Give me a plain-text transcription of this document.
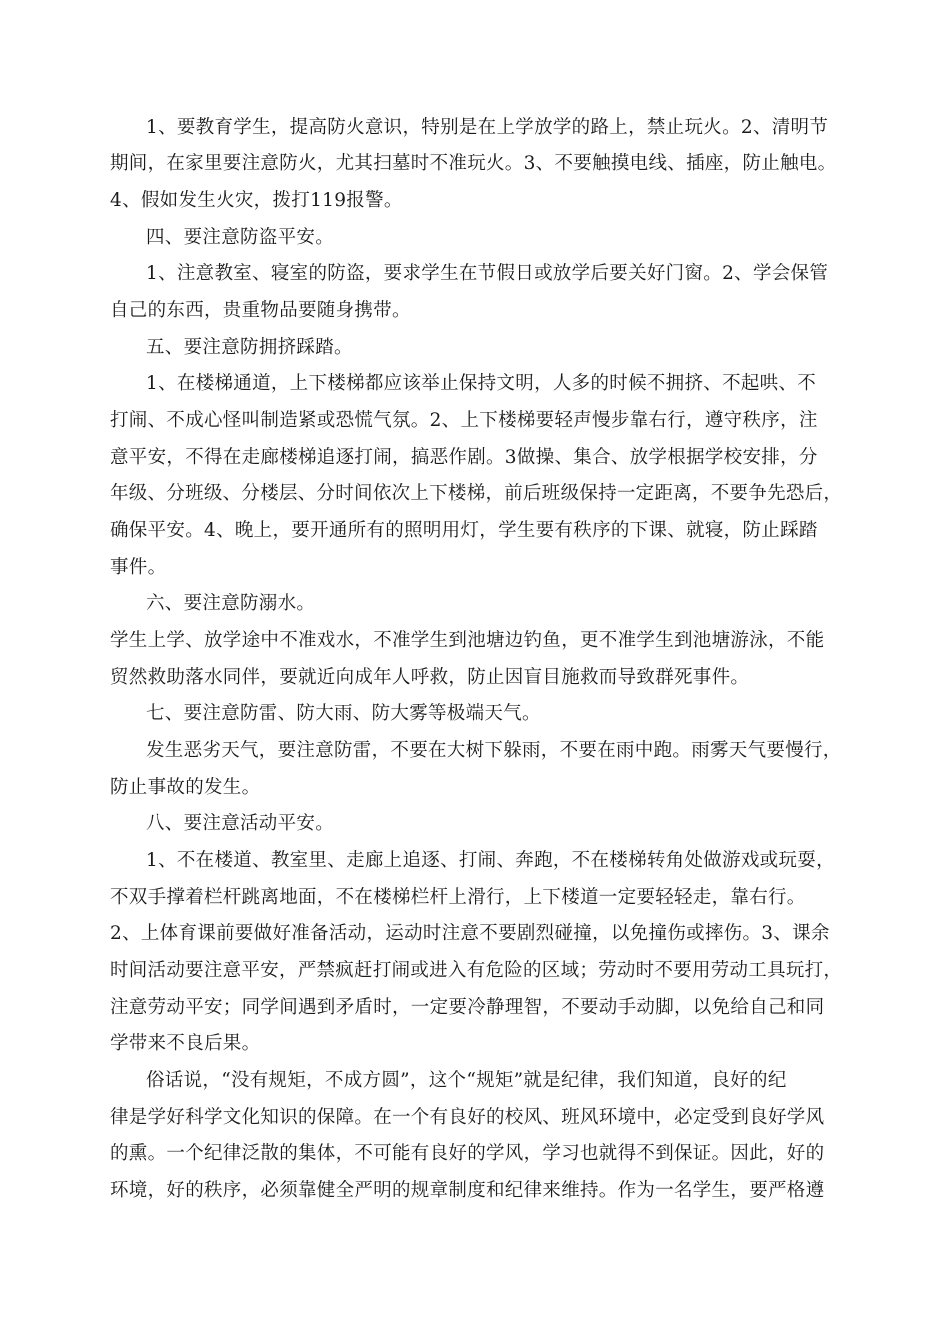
1、要教育学生，提高防火意识，特别是在上学放学的路上，禁止玩火。2、清明节
期间，在家里要注意防火，尤其扫墓时不准玩火。3、不要触摸电线、插座，防止触电。
4、假如发生火灾，拨打119报警。
四、要注意防盗平安。
1、注意教室、寝室的防盗，要求学生在节假日或放学后要关好门窗。2、学会保管
自己的东西，贵重物品要随身携带。
五、要注意防拥挤踩踏。
1、在楼梯通道，上下楼梯都应该举止保持文明，人多的时候不拥挤、不起哄、不
打闹、不成心怪叫制造紧或恐慌气氛。2、上下楼梯要轻声慢步靠右行，遵守秩序，注
意平安，不得在走廊楼梯追逐打闹，搞恶作剧。3做操、集合、放学根据学校安排，分
年级、分班级、分楼层、分时间依次上下楼梯，前后班级保持一定距离，不要争先恐后，
确保平安。4、晚上，要开通所有的照明用灯，学生要有秩序的下课、就寝，防止踩踏
事件。
六、要注意防溺水。
学生上学、放学途中不准戏水，不准学生到池塘边钓鱼，更不准学生到池塘游泳，不能
贸然救助落水同伴，要就近向成年人呼救，防止因盲目施救而导致群死事件。
七、要注意防雷、防大雨、防大雾等极端天气。
发生恶劣天气，要注意防雷，不要在大树下躲雨，不要在雨中跑。雨雾天气要慢行，
防止事故的发生。
八、要注意活动平安。
1、不在楼道、教室里、走廊上追逐、打闹、奔跑，不在楼梯转角处做游戏或玩耍，
不双手撑着栏杆跳离地面，不在楼梯栏杆上滑行，上下楼道一定要轻轻走，靠右行。
2、上体育课前要做好准备活动，运动时注意不要剧烈碰撞，以免撞伤或摔伤。3、课余
时间活动要注意平安，严禁疯赶打闹或进入有危险的区域；劳动时不要用劳动工具玩打，
注意劳动平安；同学间遇到矛盾时，一定要冷静理智，不要动手动脚，以免给自己和同
学带来不良后果。
俗话说，“没有规矩，不成方圆”，这个“规矩”就是纪律，我们知道，良好的纪
律是学好科学文化知识的保障。在一个有良好的校风、班风环境中，必定受到良好学风
的熏。一个纪律泛散的集体，不可能有良好的学风，学习也就得不到保证。因此，好的
环境，好的秩序，必须靠健全严明的规章制度和纪律来维持。作为一名学生，要严格遵
